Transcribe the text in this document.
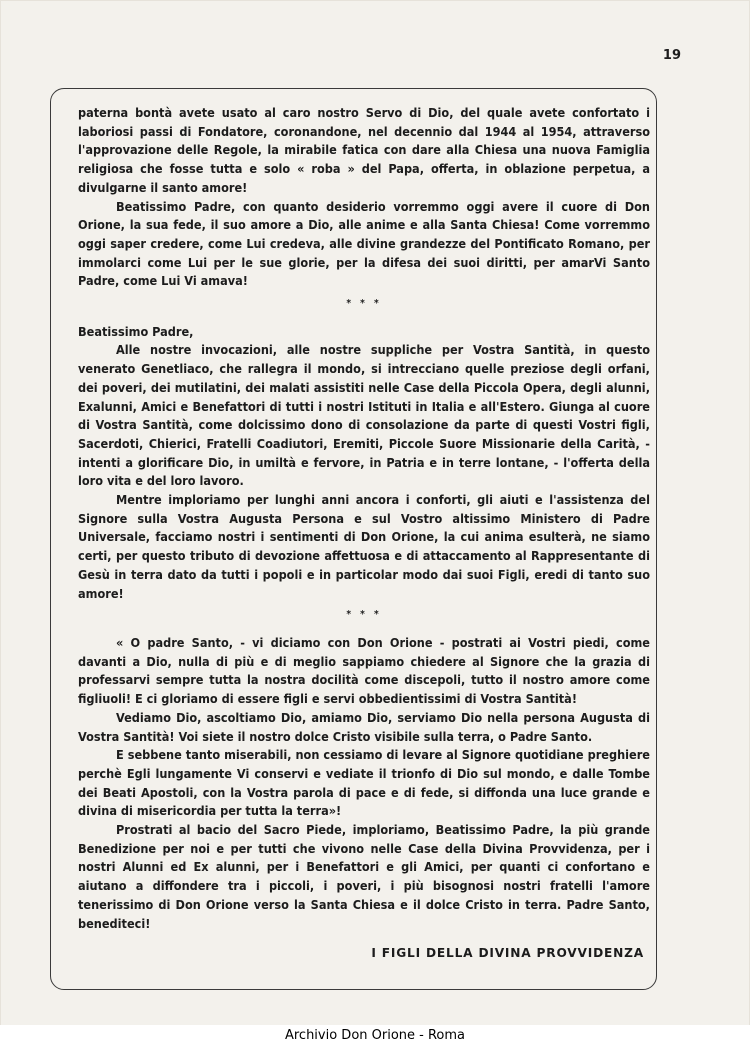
19

paterna bontà avete usato al caro nostro Servo di Dio, del quale avete confortato i laboriosi passi di Fondatore, coronandone, nel decennio dal 1944 al 1954, attraverso l'approvazione delle Regole, la mirabile fatica con dare alla Chiesa una nuova Famiglia religiosa che fosse tutta e solo « roba » del Papa, offerta, in oblazione perpetua, a divulgarne il santo amore!

Beatissimo Padre, con quanto desiderio vorremmo oggi avere il cuore di Don Orione, la sua fede, il suo amore a Dio, alle anime e alla Santa Chiesa! Come vorremmo oggi saper credere, come Lui credeva, alle divine grandezze del Pontificato Romano, per immolarci come Lui per le sue glorie, per la difesa dei suoi diritti, per amarVi Santo Padre, come Lui Vi amava!

* * *

Beatissimo Padre,

Alle nostre invocazioni, alle nostre suppliche per Vostra Santità, in questo venerato Genetliaco, che rallegra il mondo, si intrecciano quelle preziose degli orfani, dei poveri, dei mutilatini, dei malati assistiti nelle Case della Piccola Opera, degli alunni, Exalunni, Amici e Benefattori di tutti i nostri Istituti in Italia e all'Estero. Giunga al cuore di Vostra Santità, come dolcissimo dono di consolazione da parte di questi Vostri figli, Sacerdoti, Chierici, Fratelli Coadiutori, Eremiti, Piccole Suore Missionarie della Carità, - intenti a glorificare Dio, in umiltà e fervore, in Patria e in terre lontane, - l'offerta della loro vita e del loro lavoro.

Mentre imploriamo per lunghi anni ancora i conforti, gli aiuti e l'assistenza del Signore sulla Vostra Augusta Persona e sul Vostro altissimo Ministero di Padre Universale, facciamo nostri i sentimenti di Don Orione, la cui anima esulterà, ne siamo certi, per questo tributo di devozione affettuosa e di attaccamento al Rappresentante di Gesù in terra dato da tutti i popoli e in particolar modo dai suoi Figli, eredi di tanto suo amore!

* * *

« O padre Santo, - vi diciamo con Don Orione - postrati ai Vostri piedi, come davanti a Dio, nulla di più e di meglio sappiamo chiedere al Signore che la grazia di professarvi sempre tutta la nostra docilità come discepoli, tutto il nostro amore come figliuoli! E ci gloriamo di essere figli e servi obbedientissimi di Vostra Santità!

Vediamo Dio, ascoltiamo Dio, amiamo Dio, serviamo Dio nella persona Augusta di Vostra Santità! Voi siete il nostro dolce Cristo visibile sulla terra, o Padre Santo.

E sebbene tanto miserabili, non cessiamo di levare al Signore quotidiane preghiere perchè Egli lungamente Vi conservi e vediate il trionfo di Dio sul mondo, e dalle Tombe dei Beati Apostoli, con la Vostra parola di pace e di fede, si diffonda una luce grande e divina di misericordia per tutta la terra»!

Prostrati al bacio del Sacro Piede, imploriamo, Beatissimo Padre, la più grande Benedizione per noi e per tutti che vivono nelle Case della Divina Provvidenza, per i nostri Alunni ed Ex alunni, per i Benefattori e gli Amici, per quanti ci confortano e aiutano a diffondere tra i piccoli, i poveri, i più bisognosi nostri fratelli l'amore tenerissimo di Don Orione verso la Santa Chiesa e il dolce Cristo in terra. Padre Santo, benediteci!

I FIGLI DELLA DIVINA PROVVIDENZA
Archivio Don Orione - Roma
